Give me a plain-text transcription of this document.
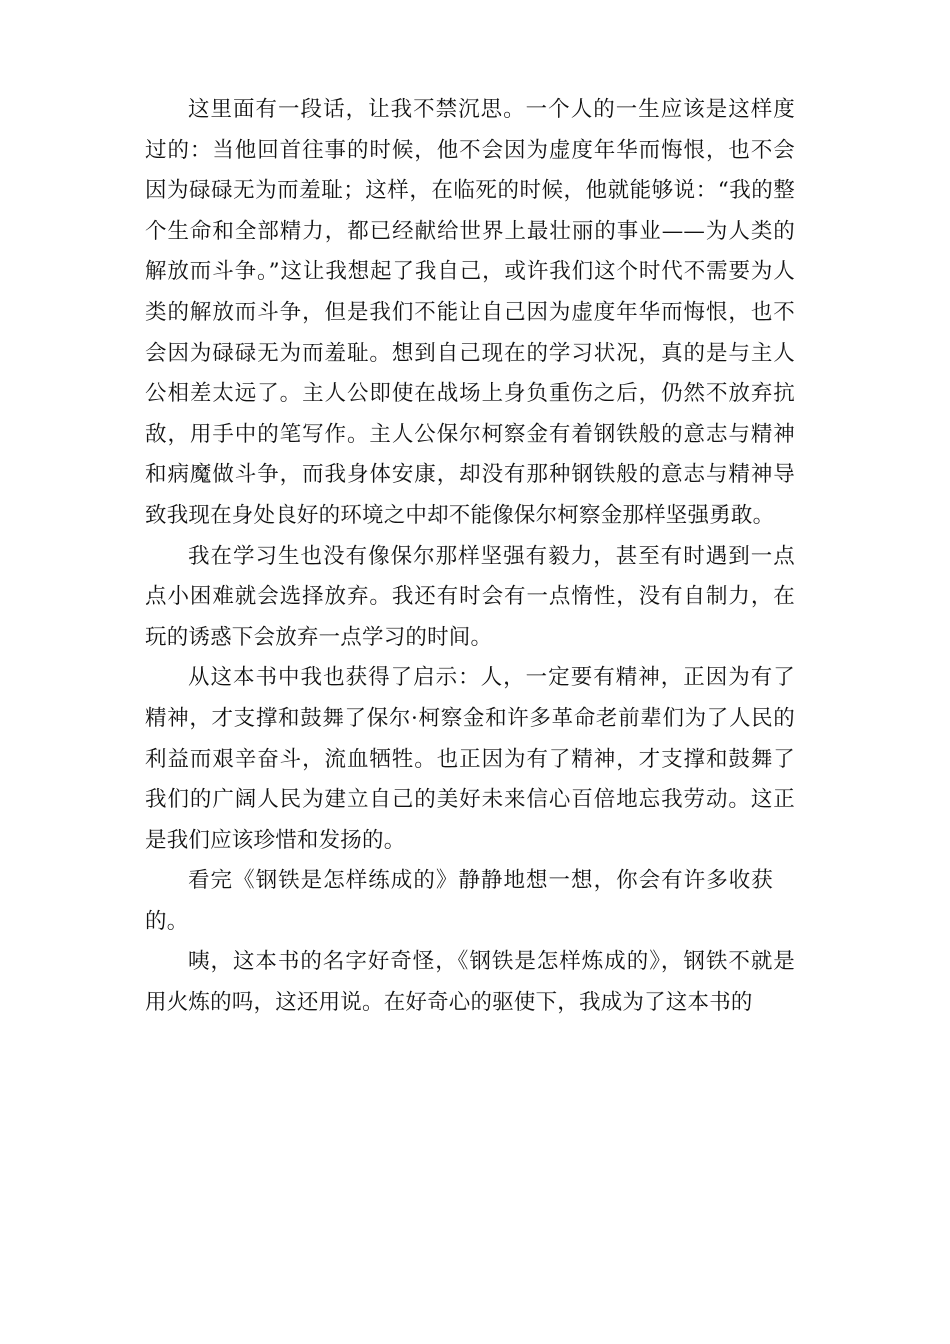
这里面有一段话，让我不禁沉思。一个人的一生应该是这样度过的：当他回首往事的时候，他不会因为虚度年华而悔恨，也不会因为碌碌无为而羞耻；这样，在临死的时候，他就能够说：“我的整个生命和全部精力，都已经献给世界上最壮丽的事业——为人类的解放而斗争。”这让我想起了我自己，或许我们这个时代不需要为人类的解放而斗争，但是我们不能让自己因为虚度年华而悔恨，也不会因为碌碌无为而羞耻。想到自己现在的学习状况，真的是与主人公相差太远了。主人公即使在战场上身负重伤之后，仍然不放弃抗敌，用手中的笔写作。主人公保尔柯察金有着钢铁般的意志与精神和病魔做斗争，而我身体安康，却没有那种钢铁般的意志与精神导致我现在身处良好的环境之中却不能像保尔柯察金那样坚强勇敢。

我在学习生也没有像保尔那样坚强有毅力，甚至有时遇到一点点小困难就会选择放弃。我还有时会有一点惰性，没有自制力，在玩的诱惑下会放弃一点学习的时间。

从这本书中我也获得了启示：人，一定要有精神，正因为有了精神，才支撑和鼓舞了保尔·柯察金和许多革命老前辈们为了人民的利益而艰辛奋斗，流血牺牲。也正因为有了精神，才支撑和鼓舞了我们的广阔人民为建立自己的美好未来信心百倍地忘我劳动。这正是我们应该珍惜和发扬的。

看完《钢铁是怎样练成的》静静地想一想，你会有许多收获的。

咦，这本书的名字好奇怪，《钢铁是怎样炼成的》，钢铁不就是用火炼的吗，这还用说。在好奇心的驱使下，我成为了这本书的
